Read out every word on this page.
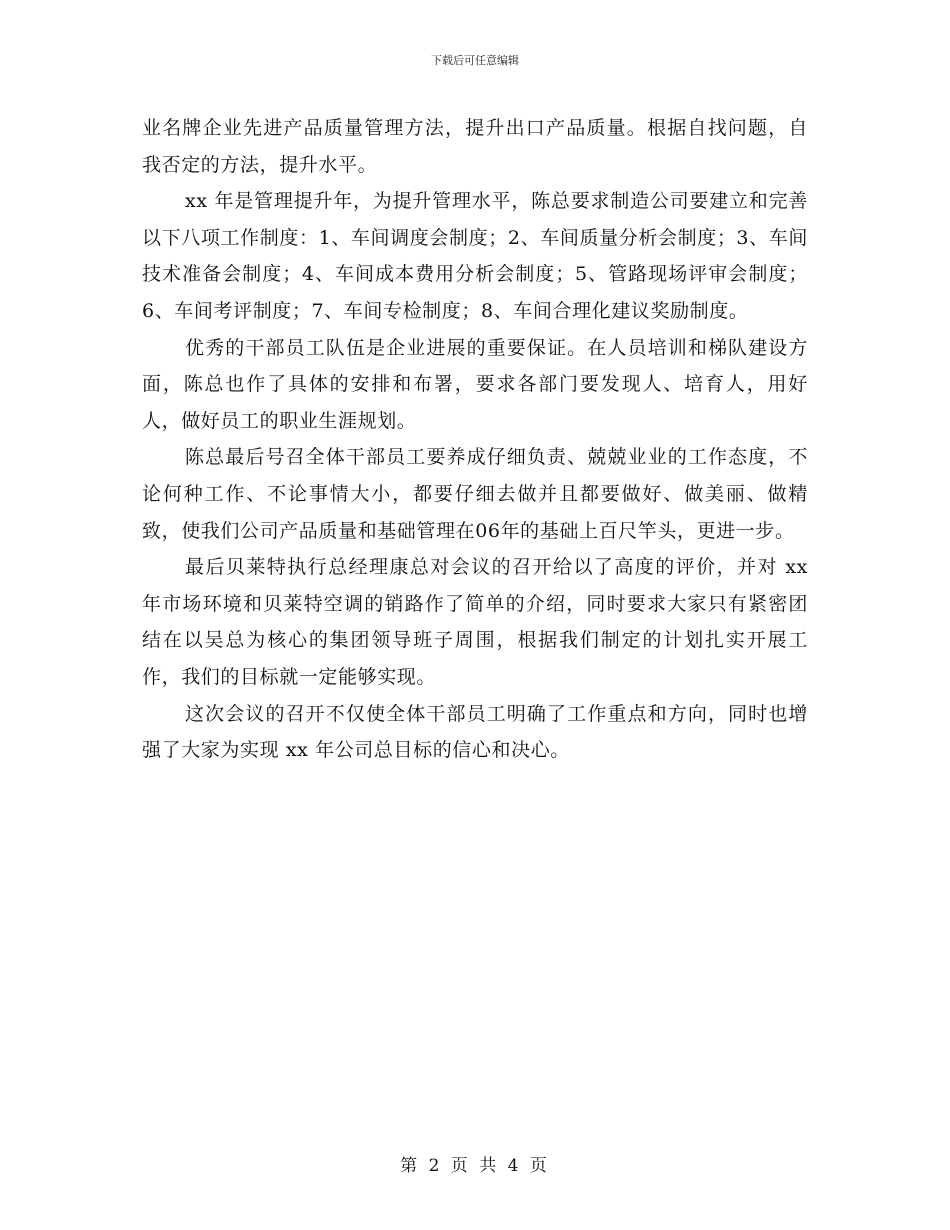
下载后可任意编辑

业名牌企业先进产品质量管理方法，提升出口产品质量。根据自找问题，自我否定的方法，提升水平。

xx 年是管理提升年，为提升管理水平，陈总要求制造公司要建立和完善以下八项工作制度：1、车间调度会制度；2、车间质量分析会制度；3、车间技术准备会制度；4、车间成本费用分析会制度；5、管路现场评审会制度；6、车间考评制度；7、车间专检制度；8、车间合理化建议奖励制度。

优秀的干部员工队伍是企业进展的重要保证。在人员培训和梯队建设方面，陈总也作了具体的安排和布署，要求各部门要发现人、培育人，用好人，做好员工的职业生涯规划。

陈总最后号召全体干部员工要养成仔细负责、兢兢业业的工作态度，不论何种工作、不论事情大小，都要仔细去做并且都要做好、做美丽、做精致，使我们公司产品质量和基础管理在06年的基础上百尺竿头，更进一步。

最后贝莱特执行总经理康总对会议的召开给以了高度的评价，并对 xx 年市场环境和贝莱特空调的销路作了简单的介绍，同时要求大家只有紧密团结在以吴总为核心的集团领导班子周围，根据我们制定的计划扎实开展工作，我们的目标就一定能够实现。

这次会议的召开不仅使全体干部员工明确了工作重点和方向，同时也增强了大家为实现 xx 年公司总目标的信心和决心。

第 2 页 共 4 页
